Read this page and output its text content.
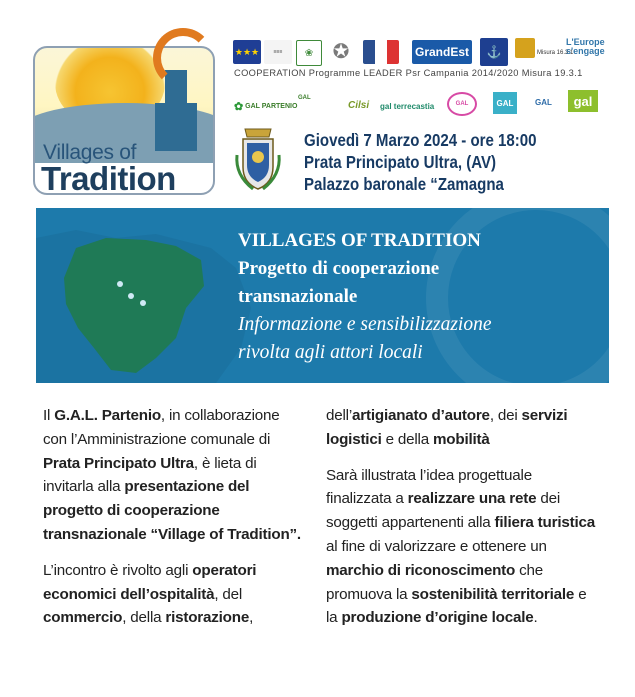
Villages of
Tradition
★★★	≡≡≡	❀ ✪	GrandEst ⚓	Misura 16.3.1
L'Europe s'engage
COOPERATION Programme LEADER Psr Campania 2014/2020 Misura 19.3.1
✿
GAL PARTENIO
GAL
Cilsi gal terrecastia	GAL	GAL	GAL	gal
Giovedì 7 Marzo 2024 - ore 18:00
Prata Principato Ultra, (AV)
Palazzo baronale “Zamagna
VILLAGES OF TRADITION
Progetto di cooperazione
transnazionale
Informazione e sensibilizzazione
rivolta agli attori locali

Il G.A.L. Partenio, in collaborazione con l’Amministrazione comunale di Prata Principato Ultra, è lieta di invitarla alla presentazione del progetto di cooperazione transnazionale “Village of Tradition”.

L’incontro è rivolto agli operatori economici dell’ospitalità, del commercio, della ristorazione,

dell’artigianato d’autore, dei servizi logistici e della mobilità

Sarà illustrata l’idea progettuale finalizzata a realizzare una rete dei soggetti appartenenti alla filiera turistica al fine di valorizzare e ottenere un marchio di riconoscimento che promuova la sostenibilità territoriale e la produzione d’origine locale.
